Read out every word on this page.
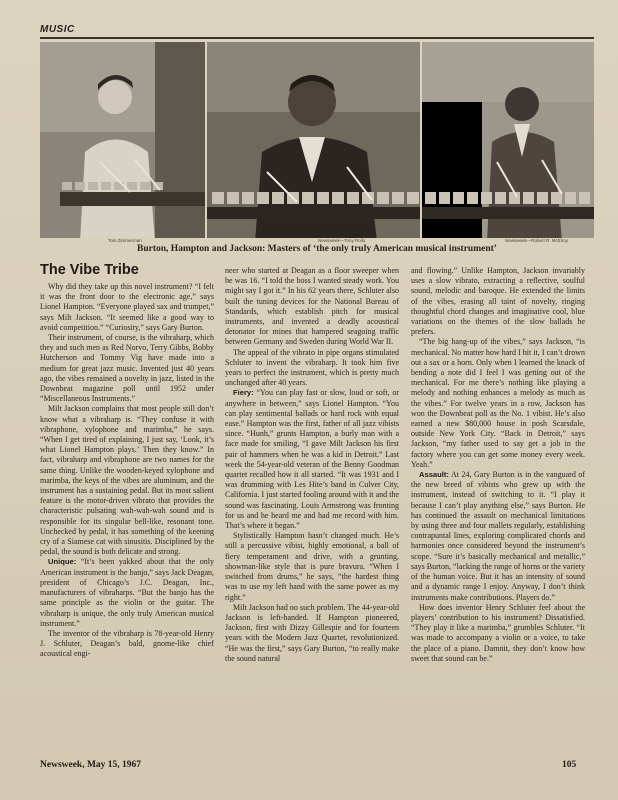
MUSIC
Tom Zimmerman	Newsweek—Tony Rollo	Newsweek—Robert R. McElroy
Burton, Hampton and Jackson: Masters of ‘the only truly American musical instrument’
The Vibe Tribe

Why did they take up this novel instrument? “I felt it was the front door to the electronic age,” says Lionel Hampton. “Everyone played sax and trumpet,” says Milt Jackson. “It seemed like a good way to avoid competition.” “Curiosity,” says Gary Burton.

Their instrument, of course, is the vibraharp, which they and such men as Red Norvo, Terry Gibbs, Bobby Hutcherson and Tommy Vig have made into a medium for great jazz music. Invented just 40 years ago, the vibes remained a novelty in jazz, listed in the Downbeat magazine poll until 1952 under “Miscellaneous Instruments.”

Milt Jackson complains that most people still don’t know what a vibraharp is. “They confuse it with vibraphone, xylophone and marimba,” he says. “When I get tired of explaining, I just say, ‘Look, it’s what Lionel Hampton plays.’ Then they know.” In fact, vibraharp and vibraphone are two names for the same thing. Unlike the wooden-keyed xylophone and marimba, the keys of the vibes are aluminum, and the instrument has a sustaining pedal. But its most salient feature is the motor-driven vibrato that provides the characteristic pulsating wah-wah-wah sound and is responsible for its singular bell-like, resonant tone. Unchecked by pedal, it has something of the keening cry of a Siamese cat with sinusitis. Disciplined by the pedal, the sound is both delicate and strong.

Unique: “It’s been yakked about that the only American instrument is the banjo,” says Jack Deagan, president of Chicago’s J.C. Deagan, Inc., manufacturers of vibraharps. “But the banjo has the same principle as the violin or the guitar. The vibraharp is unique, the only truly American musical instrument.”

The inventor of the vibraharp is 78-year-old Henry J. Schluter, Deagan’s bald, gnome-like chief acoustical engi-

neer who started at Deagan as a floor sweeper when he was 16. “I told the boss I wanted steady work. You might say I got it.” In his 62 years there, Schluter also built the tuning devices for the National Bureau of Standards, which establish pitch for musical instruments, and invented a deadly acoustical detonator for mines that hampered seagoing traffic between Germany and Sweden during World War II.

The appeal of the vibrato in pipe organs stimulated Schluter to invent the vibraharp. It took him five years to perfect the instrument, which is pretty much unchanged after 40 years.

Fiery: “You can play fast or slow, loud or soft, or anywhere in between,” says Lionel Hampton. “You can play sentimental ballads or hard rock with equal ease.” Hampton was the first, father of all jazz vibists since. “Hunh,” grunts Hampton, a burly man with a face made for smiling, “I gave Milt Jackson his first pair of hammers when he was a kid in Detroit.” Last week the 54-year-old veteran of the Benny Goodman quartet recalled how it all started. “It was 1931 and I was drumming with Les Hite’s band in Culver City, California. I just started fooling around with it and the sound was fascinating. Louis Armstrong was fronting for us and he heard me and had me record with him. That’s where it began.”

Stylistically Hampton hasn’t changed much. He’s still a percussive vibist, highly emotional, a ball of fiery temperament and drive, with a grunting, showman-like style that is pure bravura. “When I switched from drums,” he says, “the hardest thing was to use my left hand with the same power as my right.”

Milt Jackson had no such problem. The 44-year-old Jackson is left-handed. If Hampton pioneered, Jackson, first with Dizzy Gillespie and for fourteen years with the Modern Jazz Quartet, revolutionized. “He was the first,” says Gary Burton, “to really make the sound natural

and flowing.” Unlike Hampton, Jackson invariably uses a slow vibrato, extracting a reflective, soulful sound, melodic and baroque. He extended the limits of the vibes, erasing all taint of novelty, ringing thoughtful chord changes and imaginative cool, blue variations on the themes of the slow ballads he prefers.

“The big hang-up of the vibes,” says Jackson, “is mechanical. No matter how hard I hit it, I can’t drown out a sax or a horn. Only when I learned the knack of bending a note did I feel I was getting out of the mechanical. For me there’s nothing like playing a melody and nothing enhances a melody as much as the vibes.” For twelve years in a row, Jackson has won the Downbeat poll as the No. 1 vibist. He’s also earned a new $80,000 house in posh Scarsdale, outside New York City. “Back in Detroit,” says Jackson, “my father used to say get a job in the factory where you can get some money every week. Yeah.”

Assault: At 24, Gary Burton is in the vanguard of the new breed of vibists who grew up with the instrument, instead of switching to it. “I play it because I can’t play anything else,” says Burton. He has continued the assault on mechanical limitations by using three and four mallets regularly, establishing contrapuntal lines, exploring complicated chords and harmonies once considered beyond the instrument’s scope. “Sure it’s basically mechanical and metallic,” says Burton, “lacking the range of horns or the variety of the human voice. But it has an intensity of sound and a dynamic range I enjoy. Anyway, I don’t think instruments make contributions. Players do.”

How does inventor Henry Schluter feel about the players’ contribution to his instrument? Dissatisfied. “They play it like a marimba,” grumbles Schluter. “It was made to accompany a violin or a voice, to take the place of a piano. Damnit, they don’t know how sweet that sound can be.”

Newsweek, May 15, 1967	105
